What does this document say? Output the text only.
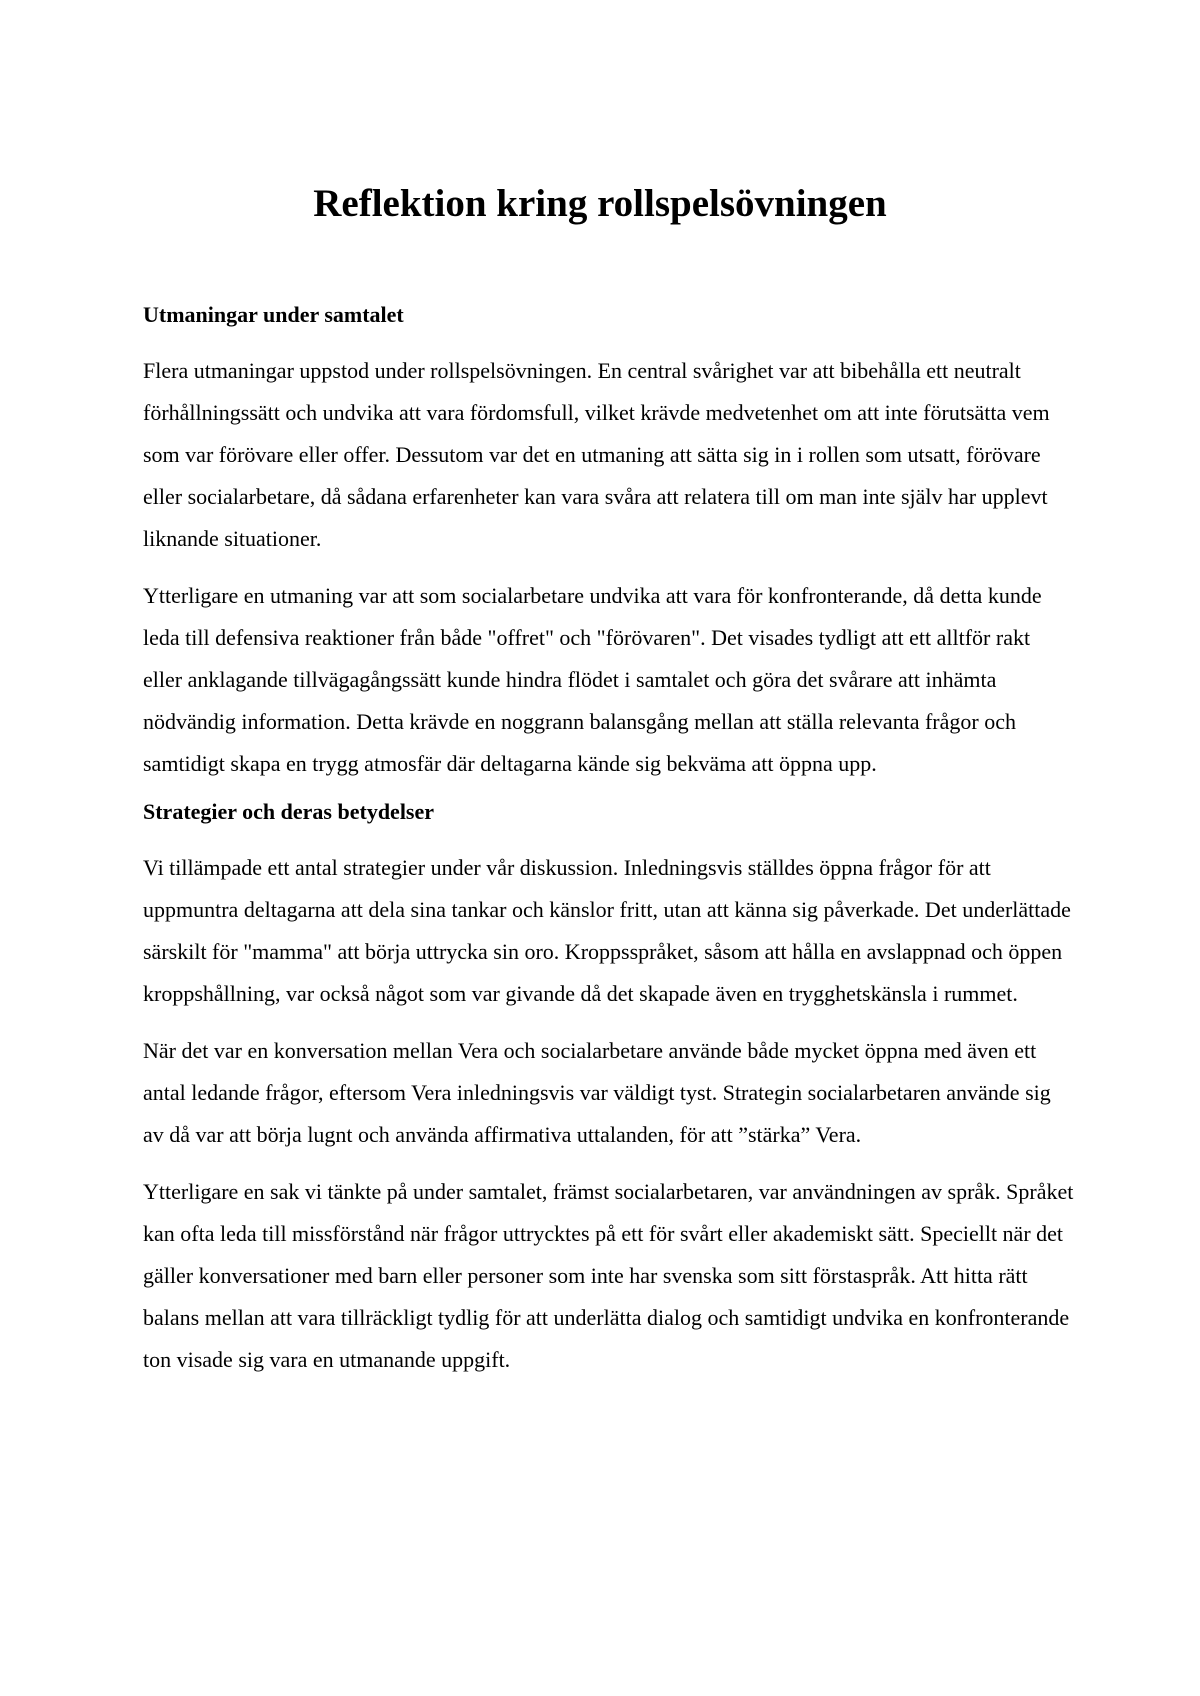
Reflektion kring rollspelsövningen
Utmaningar under samtalet

Flera utmaningar uppstod under rollspelsövningen. En central svårighet var att bibehålla ett neutralt förhållningssätt och undvika att vara fördomsfull, vilket krävde medvetenhet om att inte förutsätta vem som var förövare eller offer. Dessutom var det en utmaning att sätta sig in i rollen som utsatt, förövare eller socialarbetare, då sådana erfarenheter kan vara svåra att relatera till om man inte själv har upplevt liknande situationer.

Ytterligare en utmaning var att som socialarbetare undvika att vara för konfronterande, då detta kunde leda till defensiva reaktioner från både "offret" och "förövaren". Det visades tydligt att ett alltför rakt eller anklagande tillvägagångssätt kunde hindra flödet i samtalet och göra det svårare att inhämta nödvändig information. Detta krävde en noggrann balansgång mellan att ställa relevanta frågor och samtidigt skapa en trygg atmosfär där deltagarna kände sig bekväma att öppna upp.

Strategier och deras betydelser

Vi tillämpade ett antal strategier under vår diskussion. Inledningsvis ställdes öppna frågor för att uppmuntra deltagarna att dela sina tankar och känslor fritt, utan att känna sig påverkade. Det underlättade särskilt för "mamma" att börja uttrycka sin oro. Kroppsspråket, såsom att hålla en avslappnad och öppen kroppshållning, var också något som var givande då det skapade även en trygghetskänsla i rummet.

När det var en konversation mellan Vera och socialarbetare använde både mycket öppna med även ett antal ledande frågor, eftersom Vera inledningsvis var väldigt tyst. Strategin socialarbetaren använde sig av då var att börja lugnt och använda affirmativa uttalanden, för att ”stärka” Vera.

Ytterligare en sak vi tänkte på under samtalet, främst socialarbetaren, var användningen av språk. Språket kan ofta leda till missförstånd när frågor uttrycktes på ett för svårt eller akademiskt sätt. Speciellt när det gäller konversationer med barn eller personer som inte har svenska som sitt förstaspråk. Att hitta rätt balans mellan att vara tillräckligt tydlig för att underlätta dialog och samtidigt undvika en konfronterande ton visade sig vara en utmanande uppgift.
